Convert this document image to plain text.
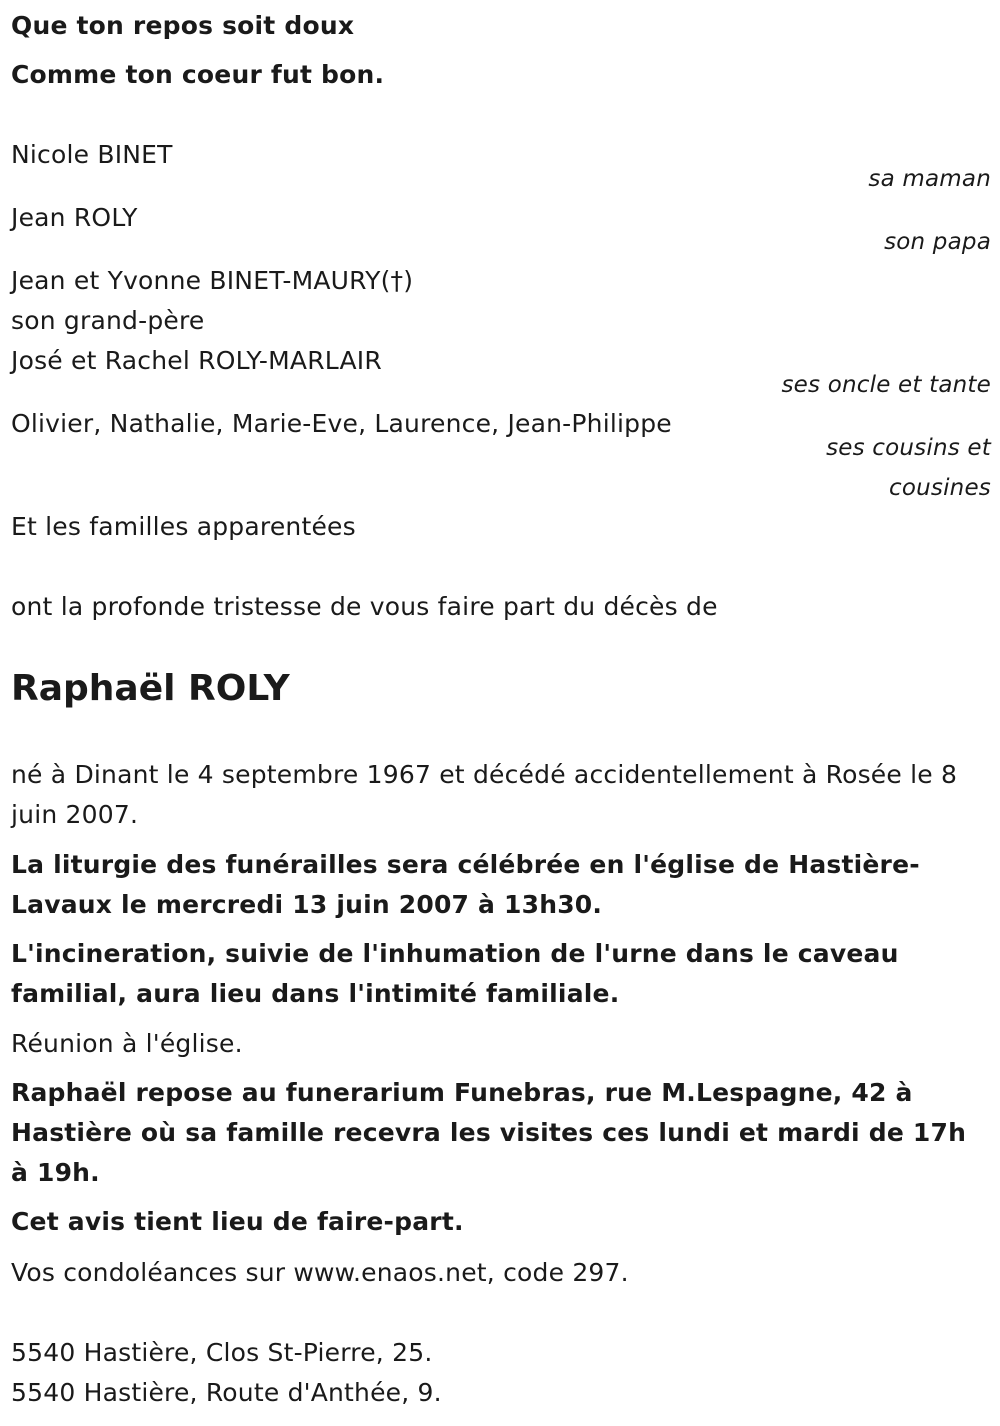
Que ton repos soit doux
Comme ton coeur fut bon.
Nicole BINET
sa maman
Jean ROLY
son papa
Jean et Yvonne BINET-MAURY(†)
son grand-père
José et Rachel ROLY-MARLAIR
ses oncle et tante
Olivier, Nathalie, Marie-Eve, Laurence, Jean-Philippe
ses cousins et
cousines
Et les familles apparentées
ont la profonde tristesse de vous faire part du décès de
Raphaël ROLY
né à Dinant le 4 septembre 1967 et décédé accidentellement à Rosée le 8 juin 2007.
La liturgie des funérailles sera célébrée en l'église de Hastière-Lavaux le mercredi 13 juin 2007 à 13h30.
L'incineration, suivie de l'inhumation de l'urne dans le caveau familial, aura lieu dans l'intimité familiale.
Réunion à l'église.
Raphaël repose au funerarium Funebras, rue M.Lespagne, 42 à Hastière où sa famille recevra les visites ces lundi et mardi de 17h à 19h.
Cet avis tient lieu de faire-part.
Vos condoléances sur www.enaos.net, code 297.
5540 Hastière, Clos St-Pierre, 25.
5540 Hastière, Route d'Anthée, 9.
